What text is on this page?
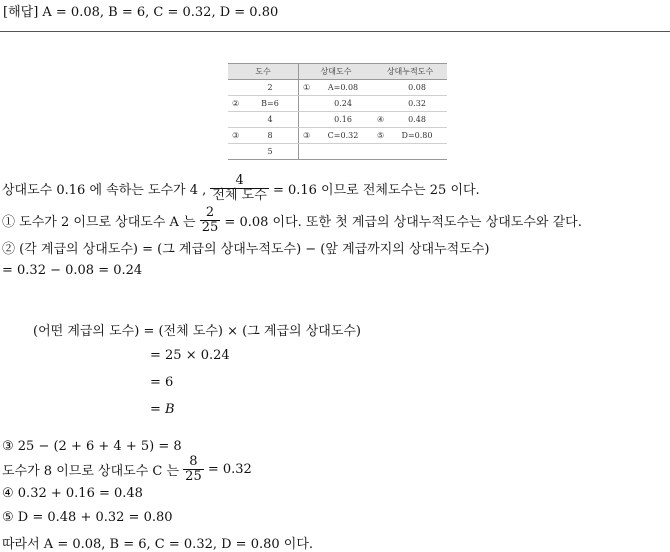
[해답] A = 0.08, B = 6, C = 0.32, D = 0.80
도수	상대도수	상대누적도수

2	① A=0.08	0.08

② B=6	0.24	0.32

4	0.16	④ 0.48

③ 8	③ C=0.32	⑤ D=0.80

5		

상대도수 0.16 에 속하는 도수가 4 , $\frac{4}{\text{전체 도수}} = 0.16$ 이므로 전체도수는 25 이다.
① 도수가 2 이므로 상대도수 A 는 $\frac{2}{25} = 0.08$ 이다. 또한 첫 계급의 상대누적도수는 상대도수와 같다.
② (각 계급의 상대도수) = (그 계급의 상대누적도수) − (앞 계급까지의 상대누적도수)
= 0.32 − 0.08 = 0.24
(어떤 계급의 도수) = (전체 도수) × (그 계급의 상대도수)
= 25 × 0.24
= 6
= B
③ 25 − (2 + 6 + 4 + 5) = 8
도수가 8 이므로 상대도수 C 는 $\frac{8}{25} = 0.32$
④ 0.32 + 0.16 = 0.48
⑤ D = 0.48 + 0.32 = 0.80
따라서 A = 0.08, B = 6, C = 0.32, D = 0.80 이다.
